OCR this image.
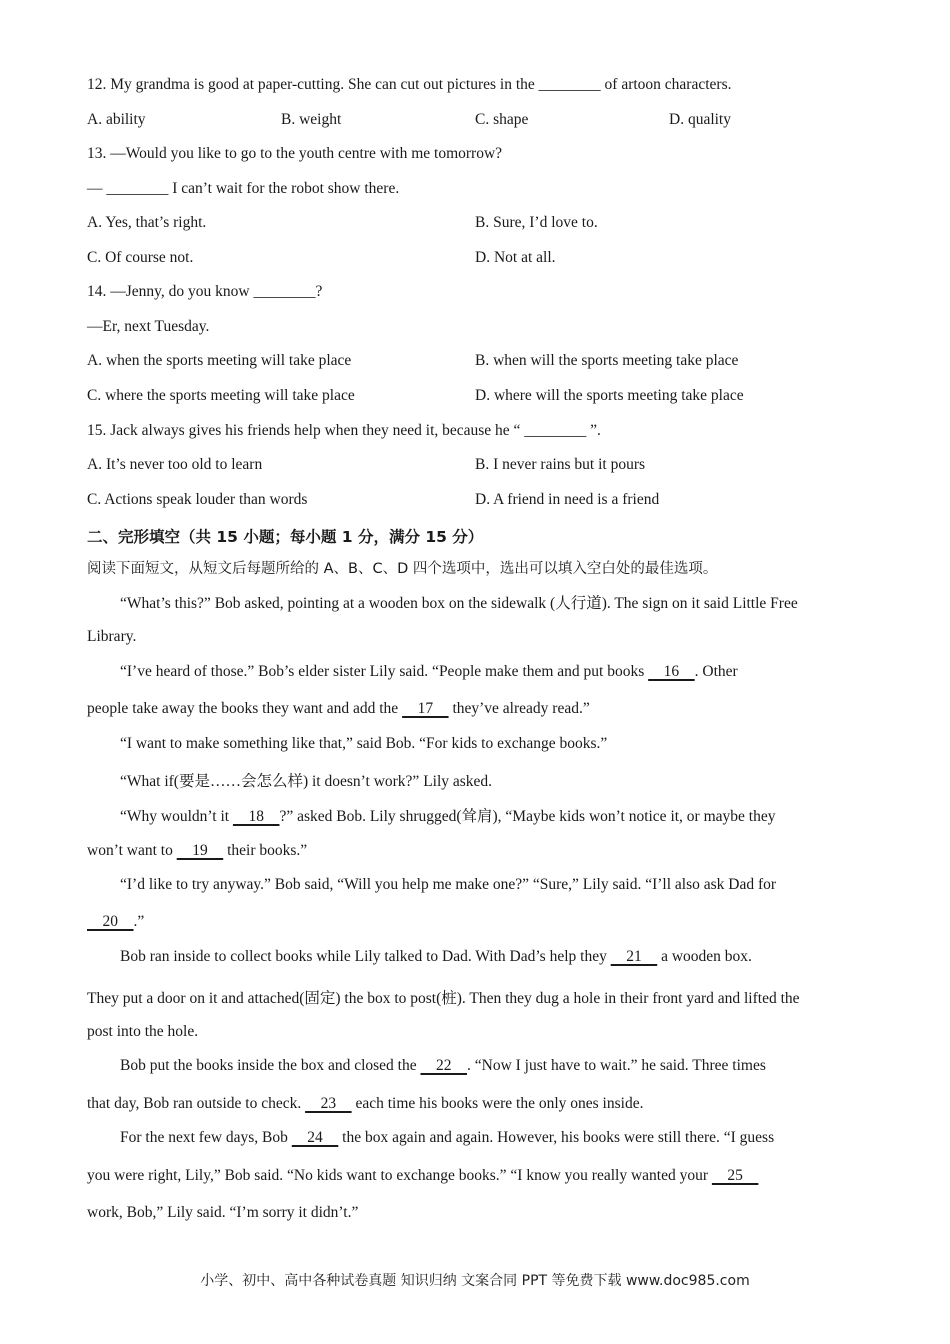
12. My grandma is good at paper-cutting. She can cut out pictures in the ________ of artoon characters.
A. ability	B. weight	C. shape	D. quality
13. —Would you like to go to the youth centre with me tomorrow?
— ________ I can’t wait for the robot show there.
A. Yes, that’s right.	B. Sure, I’d love to.
C. Of course not.	D. Not at all.
14. —Jenny, do you know ________?
—Er, next Tuesday.
A. when the sports meeting will take place	B. when will the sports meeting take place
C. where the sports meeting will take place	D. where will the sports meeting take place
15. Jack always gives his friends help when they need it, because he “ ________ ”.
A. It’s never too old to learn	B. I never rains but it pours
C. Actions speak louder than words	D. A friend in need is a friend
二、完形填空（共 15 小题；每小题 1 分，满分 15 分）
阅读下面短文，从短文后每题所给的 A、B、C、D 四个选项中，选出可以填入空白处的最佳选项。
“What’s this?” Bob asked, pointing at a wooden box on the sidewalk (人行道). The sign on it said Little Free
Library.
“I’ve heard of those.” Bob’s elder sister Lily said. “People make them and put books     16    . Other
people take away the books they want and add the     17     they’ve already read.”
“I want to make something like that,” said Bob. “For kids to exchange books.”
“What if(要是……会怎么样) it doesn’t work?” Lily asked.
“Why wouldn’t it     18    ?” asked Bob. Lily shrugged(耸肩), “Maybe kids won’t notice it, or maybe they
won’t want to     19     their books.”
“I’d like to try anyway.” Bob said, “Will you help me make one?” “Sure,” Lily said. “I’ll also ask Dad for
20    .”
Bob ran inside to collect books while Lily talked to Dad. With Dad’s help they     21     a wooden box.
They put a door on it and attached(固定) the box to post(桩). Then they dug a hole in their front yard and lifted the
post into the hole.
Bob put the books inside the box and closed the     22    . “Now I just have to wait.” he said. Three times
that day, Bob ran outside to check.     23     each time his books were the only ones inside.
For the next few days, Bob     24     the box again and again. However, his books were still there. “I guess
you were right, Lily,” Bob said. “No kids want to exchange books.” “I know you really wanted your     25
work, Bob,” Lily said. “I’m sorry it didn’t.”
小学、初中、高中各种试卷真题 知识归纳 文案合同 PPT 等免费下载 www.doc985.com
